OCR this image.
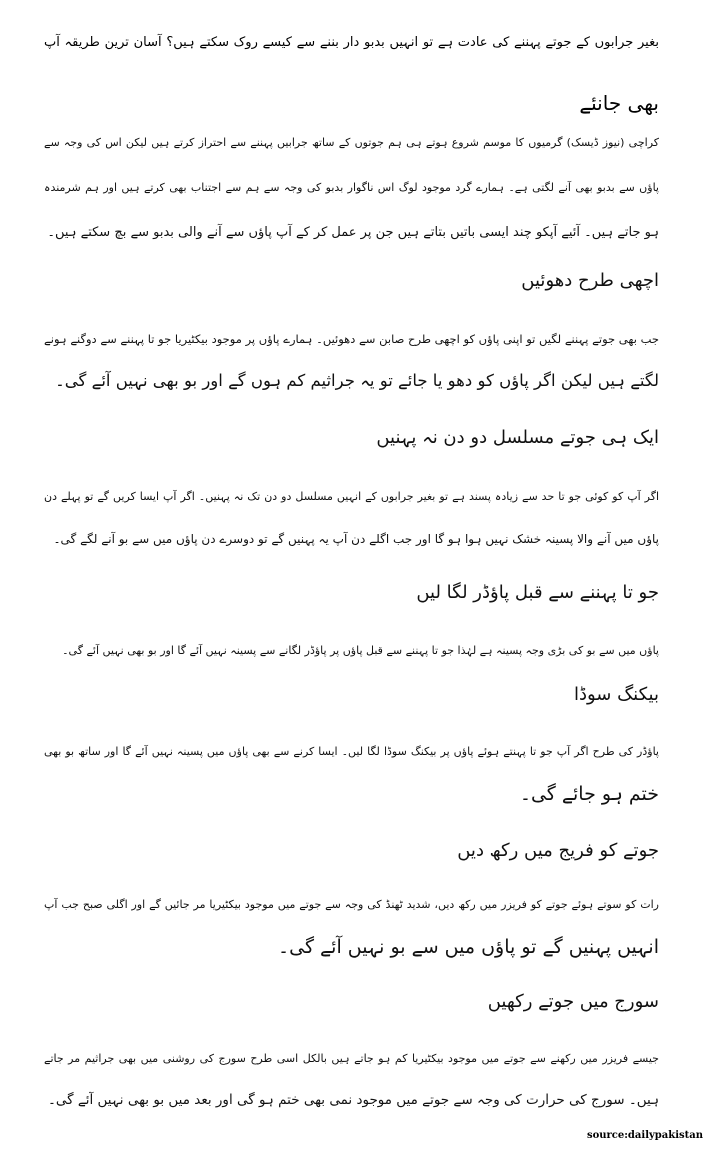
بغیر جرابوں کے جوتے پہننے کی عادت ہے تو انہیں بدبو دار بننے سے کیسے روک سکتے ہیں؟ آسان ترین طریقہ آپ
بھی جانئے
کراچی (نیوز ڈیسک) گرمیوں کا موسم شروع ہوتے ہی ہم جوتوں کے ساتھ جرابیں پہننے سے احتراز کرتے ہیں لیکن اس کی وجہ سے
پاﺅں سے بدبو بھی آنے لگتی ہے۔ ہمارے گرد موجود لوگ اس ناگوار بدبو کی وجہ سے ہم سے اجتناب بھی کرتے ہیں اور ہم شرمندہ
ہو جاتے ہیں۔ آئیے آپکو چند ایسی باتیں بتاتے ہیں جن پر عمل کر کے آپ پاﺅں سے آنے والی بدبو سے بچ سکتے ہیں۔
اچھی طرح دھوئیں
جب بھی جوتے پہننے لگیں تو اپنی پاﺅں کو اچھی طرح صابن سے دھوئیں۔ ہمارے پاﺅں پر موجود بیکٹیریا جو تا پہننے سے دوگنے ہونے
لگتے ہیں لیکن اگر پاﺅں کو دھو یا جائے تو یہ جراثیم کم ہوں گے اور بو بھی نہیں آئے گی۔
ایک ہی جوتے مسلسل دو دن نہ پہنیں
اگر آپ کو کوئی جو تا حد سے زیادہ پسند ہے تو بغیر جرابوں کے انہیں مسلسل دو دن تک نہ پہنیں۔ اگر آپ ایسا کریں گے تو پہلے دن
پاﺅں میں آنے والا پسینہ خشک نہیں ہوا ہو گا اور جب اگلے دن آپ یہ پہنیں گے تو دوسرے دن پاﺅں میں سے بو آنے لگے گی۔
جو تا پہننے سے قبل پاﺅڈر لگا لیں
پاﺅں میں سے بو کی بڑی وجہ پسینہ ہے لہٰذا جو تا پہننے سے قبل پاﺅں پر پاﺅڈر لگانے سے پسینہ نہیں آئے گا اور بو بھی نہیں آئے گی۔
بیکنگ سوڈا
پاﺅڈر کی طرح اگر آپ جو تا پہنتے ہوئے پاﺅں پر بیکنگ سوڈا لگا لیں۔ ایسا کرنے سے بھی پاﺅں میں پسینہ نہیں آئے گا اور ساتھ بو بھی
ختم ہو جائے گی۔
جوتے کو فریج میں رکھ دیں
رات کو سوتے ہوئے جوتے کو فریزر میں رکھ دیں، شدید ٹھنڈ کی وجہ سے جوتے میں موجود بیکٹیریا مر جائیں گے اور اگلی صبح جب آپ
انہیں پہنیں گے تو پاﺅں میں سے بو نہیں آئے گی۔
سورج میں جوتے رکھیں
جیسے فریزر میں رکھنے سے جوتے میں موجود بیکٹیریا کم ہو جاتے ہیں بالکل اسی طرح سورج کی روشنی میں بھی جراثیم مر جاتے
ہیں۔ سورج کی حرارت کی وجہ سے جوتے میں موجود نمی بھی ختم ہو گی اور بعد میں بو بھی نہیں آئے گی۔
source:dailypakistan
